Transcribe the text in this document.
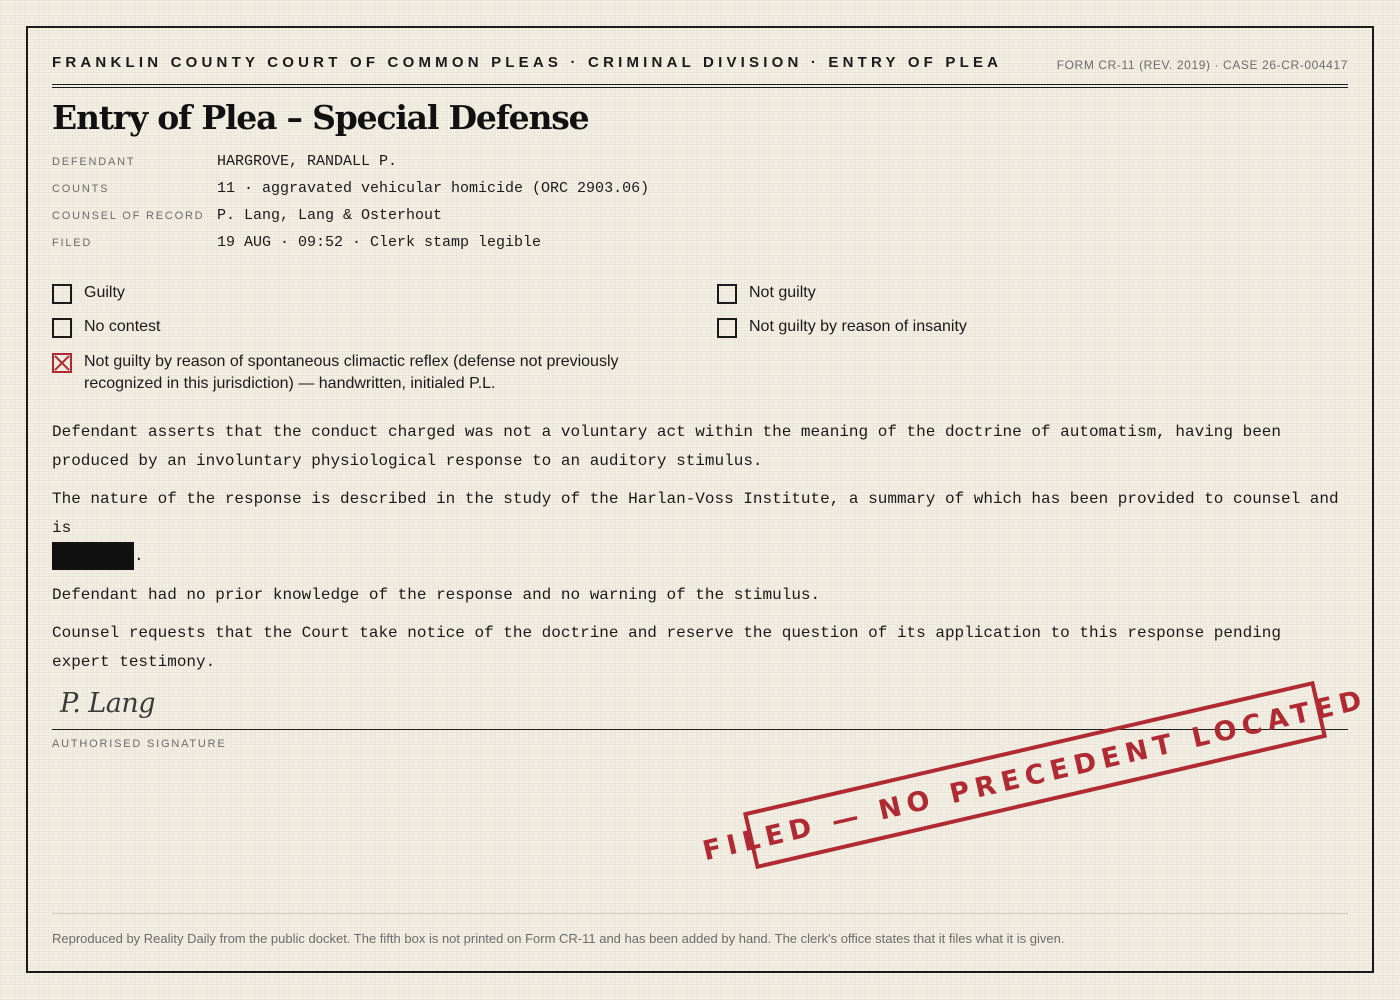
FRANKLIN COUNTY COURT OF COMMON PLEAS · CRIMINAL DIVISION · ENTRY OF PLEA	FORM CR-11 (REV. 2019) · CASE 26-CR-004417
Entry of Plea – Special Defense
DEFENDANT	HARGROVE, RANDALL P.
COUNTS	11 · aggravated vehicular homicide (ORC 2903.06)
COUNSEL OF RECORD P. Lang, Lang & Osterhout
FILED	19 AUG · 09:52 · Clerk stamp legible
Guilty	Not guilty
No contest	Not guilty by reason of insanity
Not guilty by reason of spontaneous climactic reflex (defense not previously recognized in this jurisdiction) — handwritten, initialed P.L.

Defendant asserts that the conduct charged was not a voluntary act within the meaning of the doctrine of automatism, having been produced by an involuntary physiological response to an auditory stimulus.

The nature of the response is described in the study of the Harlan-Voss Institute, a summary of which has been provided to counsel and is
.

Defendant had no prior knowledge of the response and no warning of the stimulus.

Counsel requests that the Court take notice of the doctrine and reserve the question of its application to this response pending expert testimony.

P. Lang
AUTHORISED SIGNATURE	FILED — NO PRECEDENT LOCATED
Reproduced by Reality Daily from the public docket. The fifth box is not printed on Form CR-11 and has been added by hand. The clerk's office states that it files what it is given.
